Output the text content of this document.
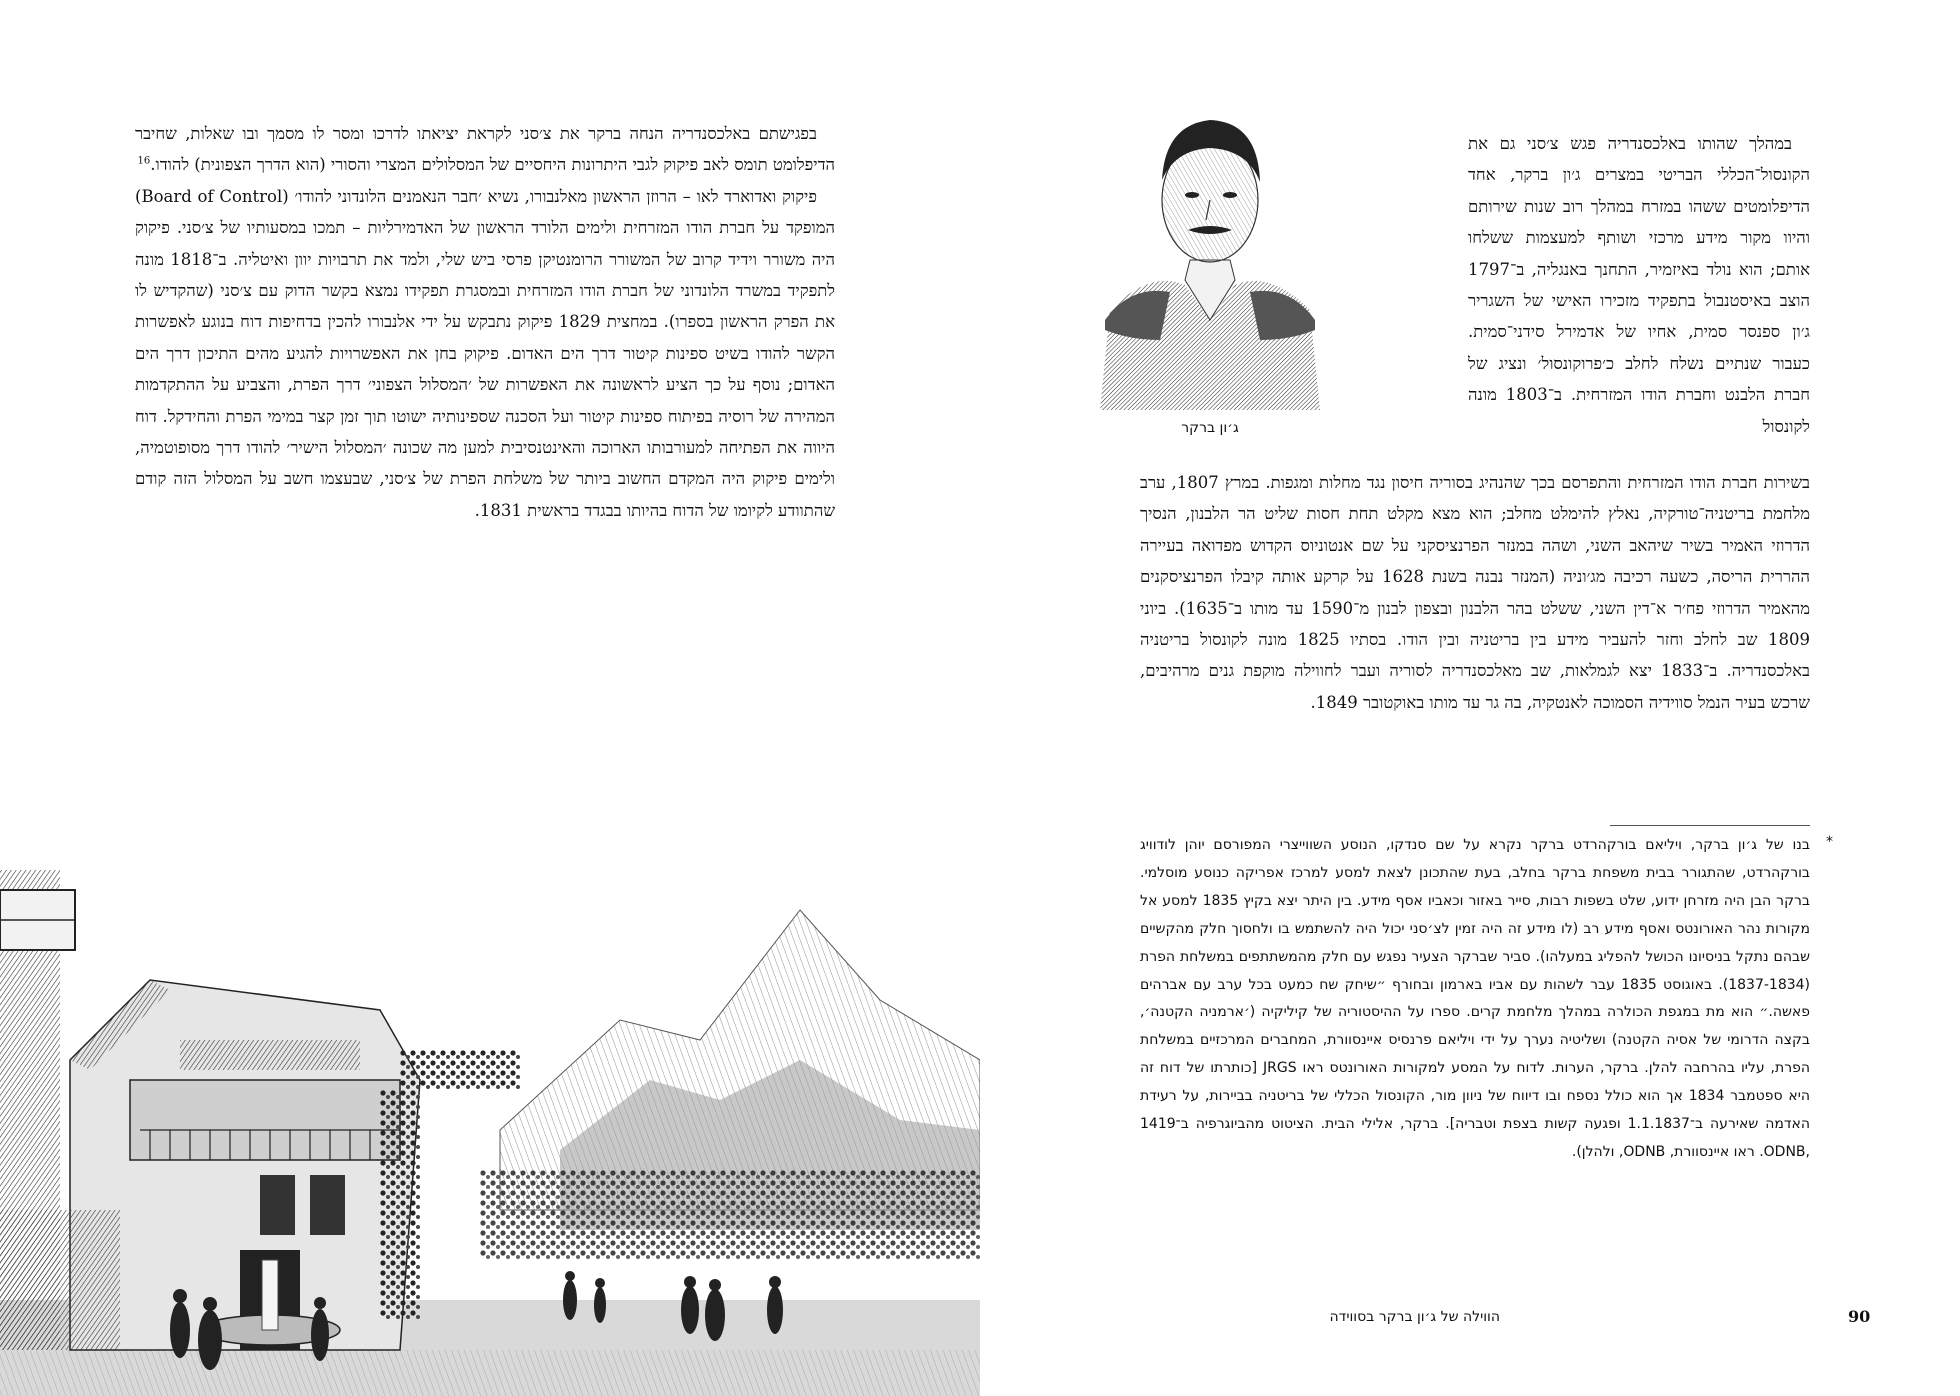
בפגישתם באלכסנדריה הנחה ברקר את צ׳סני לקראת יציאתו לדרכו ומסר לו מסמך ובו שאלות, שחיבר הדיפלומט תומס לאב פיקוק לגבי היתרונות היחסיים של המסלולים המצרי והסורי (הוא הדרך הצפונית) להודו.$^{16}$

פיקוק ואדוארד לאו – הרוזן הראשון מאלנבורו, נשיא ׳חבר הנאמנים הלונדוני להודו׳ (Board of Control) המופקד על חברת הודו המזרחית ולימים הלורד הראשון של האדמירליות – תמכו במסעותיו של צ׳סני. פיקוק היה משורר וידיד קרוב של המשורר הרומנטיקן פרסי ביש שלי, ולמד את תרבויות יוון ואיטליה. ב־1818 מונה לתפקיד במשרד הלונדוני של חברת הודו המזרחית ובמסגרת תפקידו נמצא בקשר הדוק עם צ׳סני (שהקדיש לו את הפרק הראשון בספרו). במחצית 1829 פיקוק נתבקש על ידי אלנבורו להכין בדחיפות דוח בנוגע לאפשרות הקשר להודו בשיט ספינות קיטור דרך הים האדום. פיקוק בחן את האפשרויות להגיע מהים התיכון דרך הים האדום; נוסף על כך הציע לראשונה את האפשרות של ׳המסלול הצפוני׳ דרך הפרת, והצביע על ההתקדמות המהירה של רוסיה בפיתוח ספינות קיטור ועל הסכנה שספינותיה ישוטו תוך זמן קצר במימי הפרת והחידקל. דוח היווה את הפתיחה למעורבותו הארוכה והאינטנסיבית למען מה שכונה ׳המסלול הישיר׳ להודו דרך מסופוטמיה, ולימים פיקוק היה המקדם החשוב ביותר של משלחת הפרת של צ׳סני, שבעצמו חשב על המסלול הזה קודם שהתוודע לקיומו של הדוח בהיותו בבגדד בראשית 1831.

ג׳ון ברקר

במהלך שהותו באלכסנדריה פגש צ׳סני גם את הקונסול־הכללי הבריטי במצרים ג׳ון ברקר, אחד הדיפלומטים ששהו במזרח במהלך רוב שנות שירותם והיוו מקור מידע מרכזי ושותף למעצמות ששלחו אותם; הוא נולד באיזמיר, התחנך באנגליה, ב־1797 הוצב באיסטנבול בתפקיד מזכירו האישי של השגריר ג׳ון ספנסר סמית, אחיו של אדמירל סידני־סמית. כעבור שנתיים נשלח לחלב כ׳פרוקונסול׳ ונציג של חברת הלבנט וחברת הודו המזרחית. ב־1803 מונה לקונסול

בשירות חברת הודו המזרחית והתפרסם בכך שהנהיג בסוריה חיסון נגד מחלות ומגפות. במרץ 1807, ערב מלחמת בריטניה־טורקיה, נאלץ להימלט מחלב; הוא מצא מקלט תחת חסות שליט הר הלבנון, הנסיך הדרוזי האמיר בשיר שיהאב השני, ושהה במנזר הפרנציסקני על שם אנטוניוס הקדוש מפדואה בעיירה ההררית הריסה, כשעה רכיבה מג׳וניה (המנזר נבנה בשנת 1628 על קרקע אותה קיבלו הפרנציסקנים מהאמיר הדרוזי פח׳ר א־דין השני, ששלט בהר הלבנון ובצפון לבנון מ־1590 עד מותו ב־1635). ביוני 1809 שב לחלב וחזר להעביר מידע בין בריטניה ובין הודו. בסתיו 1825 מונה לקונסול בריטניה באלכסנדריה. ב־1833 יצא לגמלאות, שב מאלכסנדריה לסוריה ועבר לחווילה מוקפת גנים מרהיבים, שרכש בעיר הנמל סווידיה הסמוכה לאנטקיה, בה גר עד מותו באוקטובר 1849.

*
בנו של ג׳ון ברקר, ויליאם בורקהרדט ברקר נקרא על שם סנדקו, הנוסע השווייצרי המפורסם יוהן לודוויג בורקהרדט, שהתגורר בבית משפחת ברקר בחלב, בעת שהתכונן לצאת למסע למרכז אפריקה כנוסע מוסלמי. ברקר הבן היה מזרחן ידוע, שלט בשפות רבות, סייר באזור וכאביו אסף מידע. בין היתר יצא בקיץ 1835 למסע אל מקורות נהר האורונטס ואסף מידע רב (לו מידע זה היה זמין לצ׳סני יכול היה להשתמש בו ולחסוך חלק מהקשיים שבהם נתקל בניסיונו הכושל להפליג במעלהו). סביר שברקר הצעיר נפגש עם חלק מהמשתתפים במשלחת הפרת (1837-1834). באוגוסט 1835 עבר לשהות עם אביו בארמון ובחורף ״שיחק שח כמעט בכל ערב עם אברהים פאשה.״ הוא מת במגפת הכולרה במהלך מלחמת קרים. ספרו על ההיסטוריה של קיליקיה (׳ארמניה הקטנה׳, בקצה הדרומי של אסיה הקטנה) ושליטיה נערך על ידי ויליאם פרנסיס איינסוורת, המחברים המרכזיים במשלחת הפרת, עליו בהרחבה להלן. ברקר, הערות. לדוח על המסע למקורות האורונטס ראו JRGS [כותרתו של דוח זה היא ספטמבר 1834 אך הוא כולל נספח ובו דיווח של ניוון מור, הקונסול הכללי של בריטניה בביירות, על רעידת האדמה שאירעה ב־1.1.1837 ופגעה קשות בצפת וטבריה]. ברקר, אלילי הבית. הציטוט מהביוגרפיה ב־1419 ,ODNB. ראו איינסוורת, ODNB, ולהלן).
הווילה של ג׳ון ברקר בסווידה	90
